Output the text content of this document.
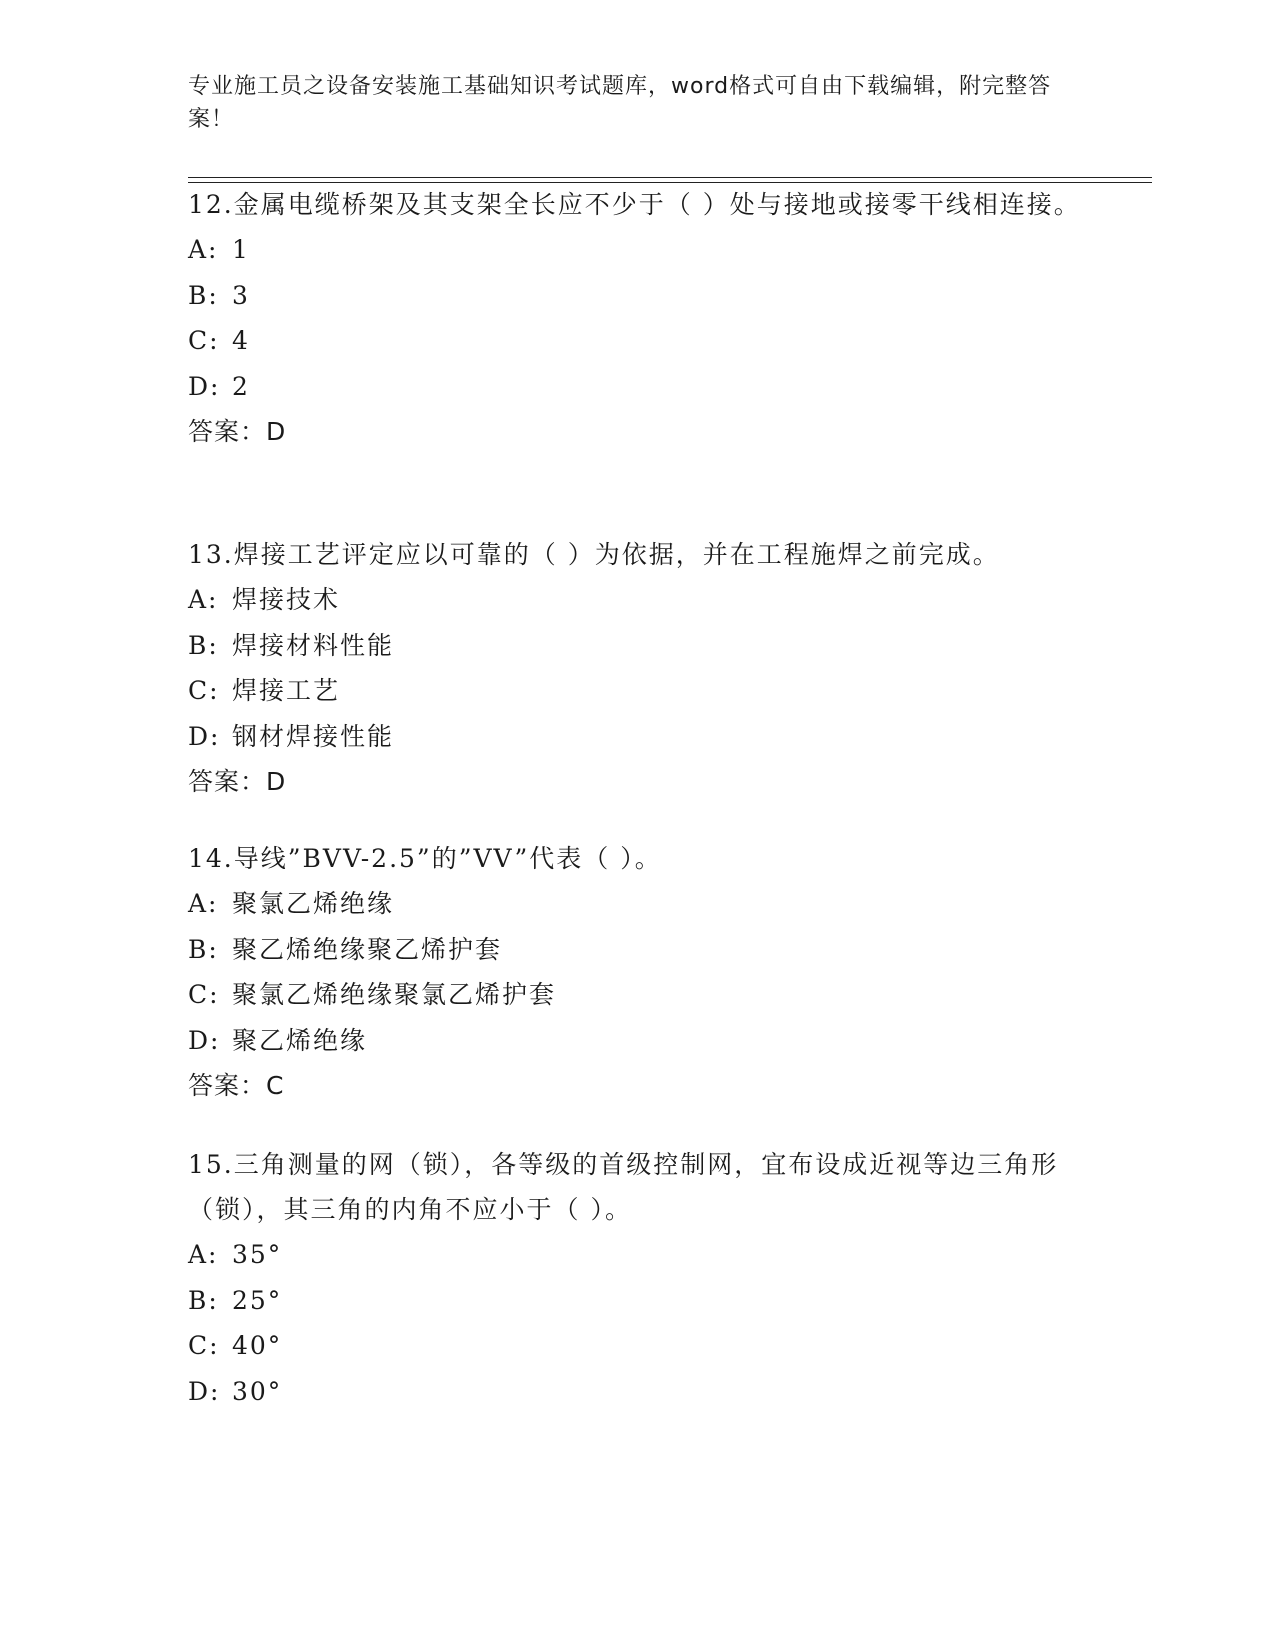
专业施工员之设备安装施工基础知识考试题库，word格式可自由下载编辑，附完整答案！
12.金属电缆桥架及其支架全长应不少于（ ）处与接地或接零干线相连接。
A: 1
B: 3
C: 4
D: 2
答案：D
13.焊接工艺评定应以可靠的（ ）为依据，并在工程施焊之前完成。
A: 焊接技术
B: 焊接材料性能
C: 焊接工艺
D: 钢材焊接性能
答案：D
14.导线”BVV-2.5”的”VV”代表（ ）。
A: 聚氯乙烯绝缘
B: 聚乙烯绝缘聚乙烯护套
C: 聚氯乙烯绝缘聚氯乙烯护套
D: 聚乙烯绝缘
答案：C
15.三角测量的网（锁），各等级的首级控制网，宜布设成近视等边三角形（锁），其三角的内角不应小于（ ）。
A: 35°
B: 25°
C: 40°
D: 30°
